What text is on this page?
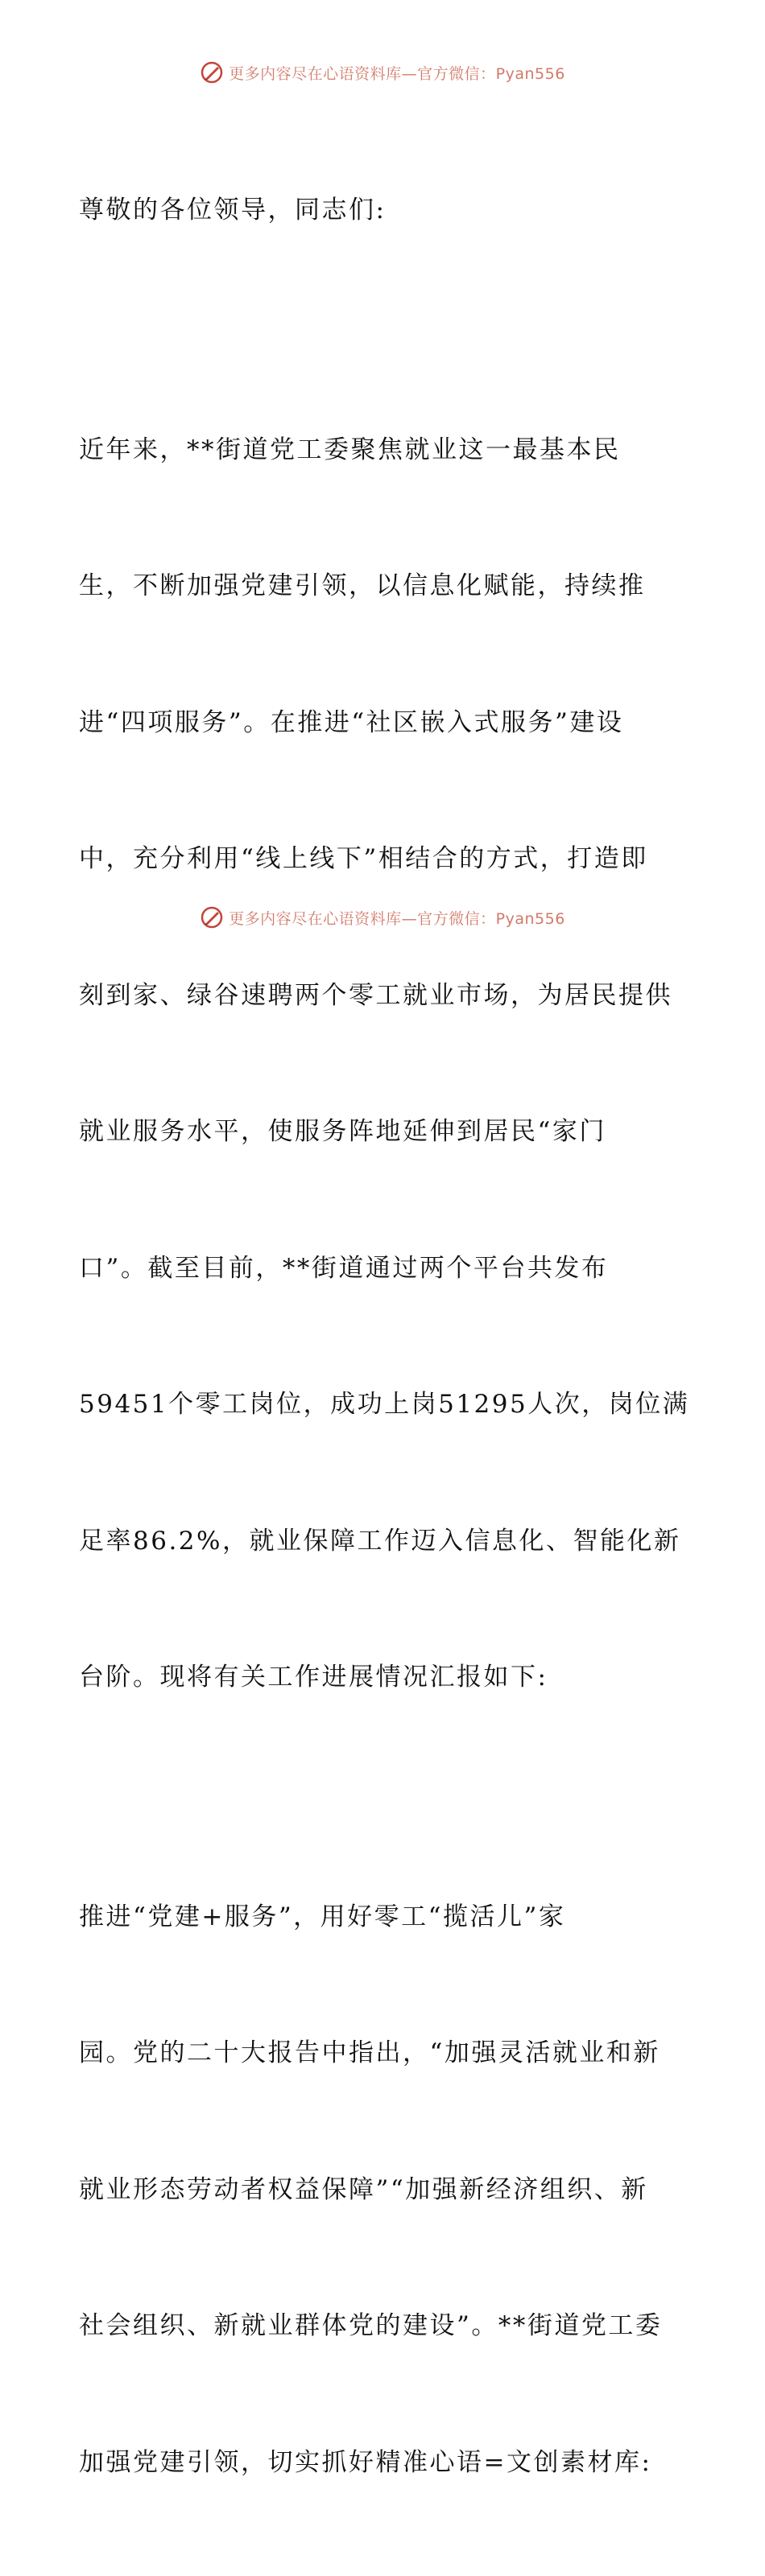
更多内容尽在心语资料库—官方微信：Pyan556

尊敬的各位领导，同志们:

近年来，**街道党工委聚焦就业这一最基本民

生，不断加强党建引领，以信息化赋能，持续推

进“四项服务”。在推进“社区嵌入式服务”建设

中，充分利用“线上线下”相结合的方式，打造即

刻到家、绿谷速聘两个零工就业市场，为居民提供

就业服务水平，使服务阵地延伸到居民“家门

口”。截至目前，**街道通过两个平台共发布

59451个零工岗位，成功上岗51295人次，岗位满

足率86.2%，就业保障工作迈入信息化、智能化新

台阶。现将有关工作进展情况汇报如下:

推进“党建+服务”，用好零工“揽活儿”家

园。党的二十大报告中指出，“加强灵活就业和新

就业形态劳动者权益保障”“加强新经济组织、新

社会组织、新就业群体党的建设”。**街道党工委

加强党建引领，切实抓好精准心语=文创素材库:

更多内容尽在心语资料库—官方微信：Pyan556
